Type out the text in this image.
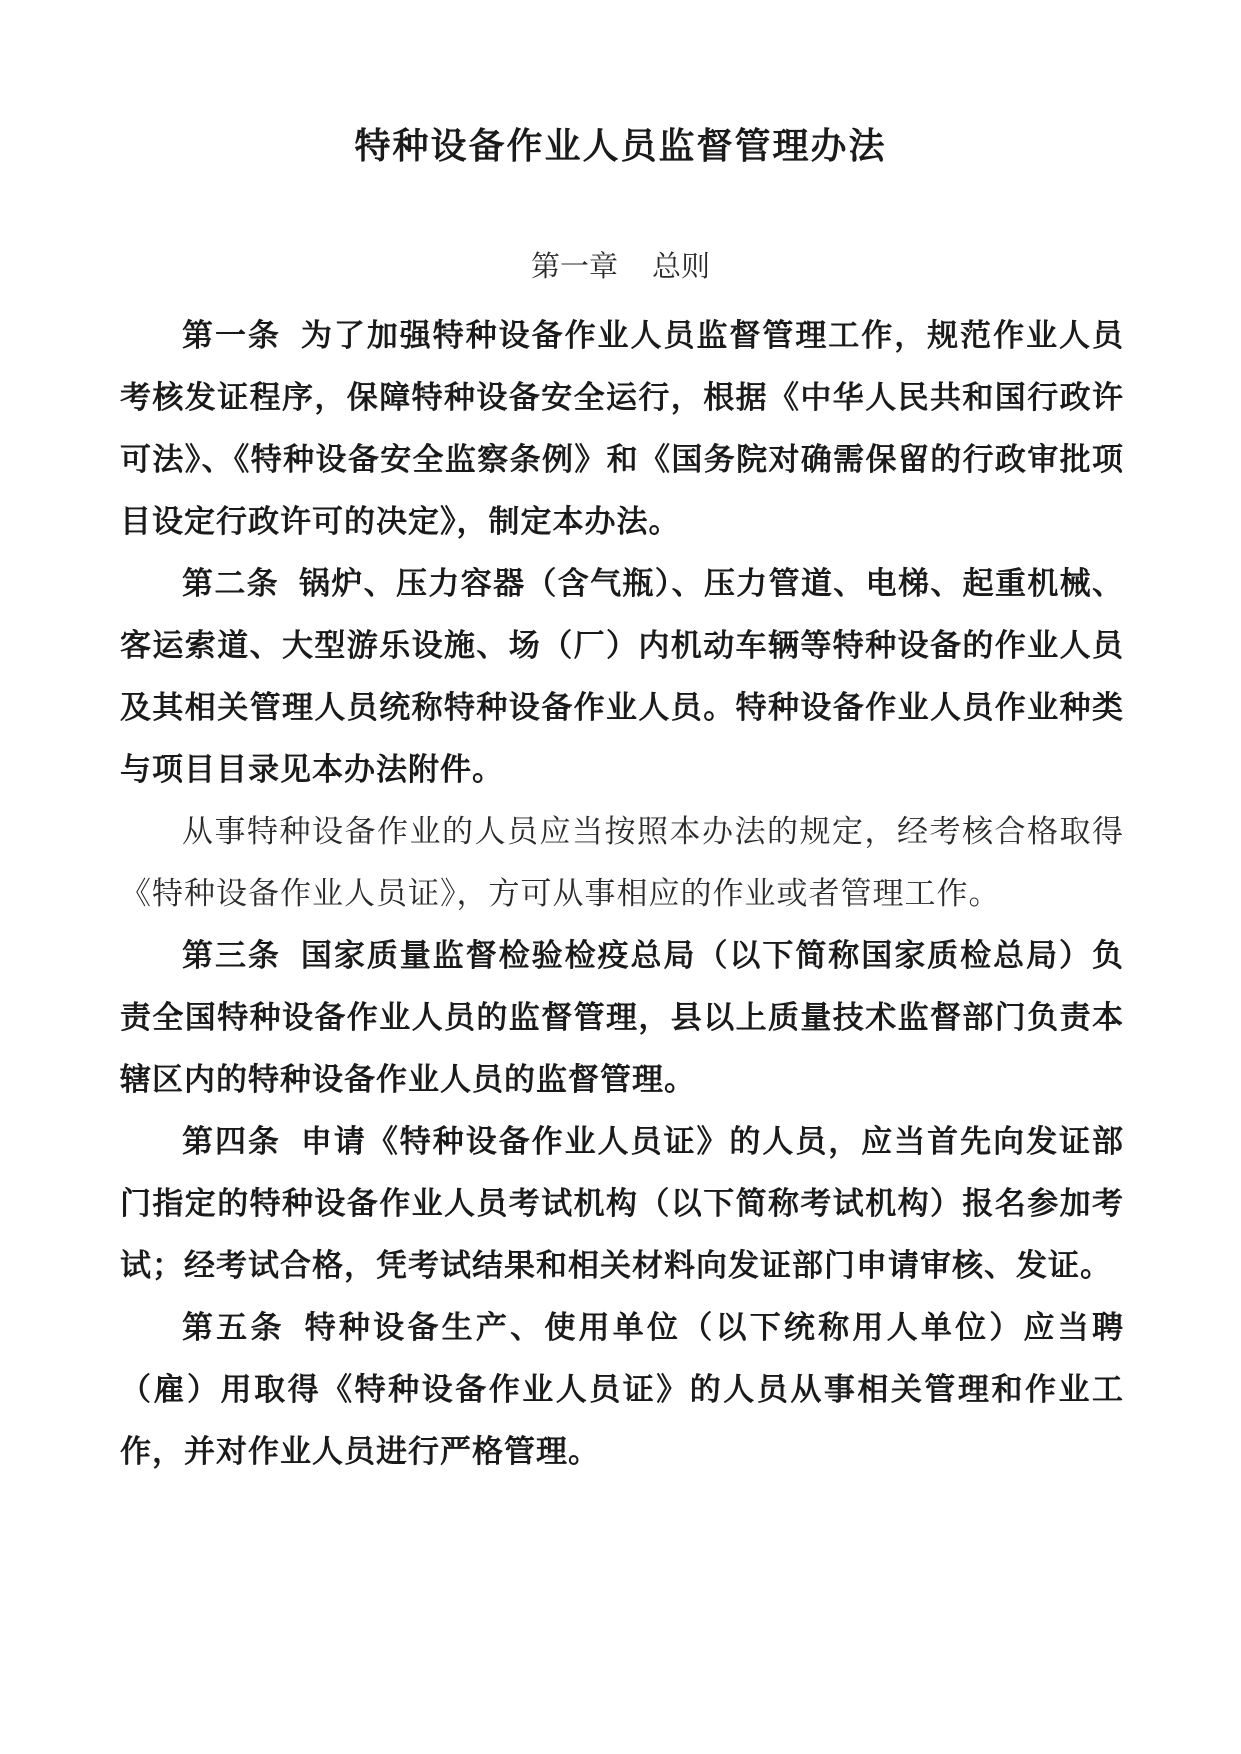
特种设备作业人员监督管理办法
第一章 总则

第一条 为了加强特种设备作业人员监督管理工作，规范作业人员考核发证程序，保障特种设备安全运行，根据《中华人民共和国行政许可法》、《特种设备安全监察条例》和《国务院对确需保留的行政审批项目设定行政许可的决定》，制定本办法。

第二条 锅炉、压力容器（含气瓶）、压力管道、电梯、起重机械、客运索道、大型游乐设施、场（厂）内机动车辆等特种设备的作业人员及其相关管理人员统称特种设备作业人员。特种设备作业人员作业种类与项目目录见本办法附件。

从事特种设备作业的人员应当按照本办法的规定，经考核合格取得《特种设备作业人员证》，方可从事相应的作业或者管理工作。

第三条 国家质量监督检验检疫总局（以下简称国家质检总局）负责全国特种设备作业人员的监督管理，县以上质量技术监督部门负责本辖区内的特种设备作业人员的监督管理。

第四条 申请《特种设备作业人员证》的人员，应当首先向发证部门指定的特种设备作业人员考试机构（以下简称考试机构）报名参加考试；经考试合格，凭考试结果和相关材料向发证部门申请审核、发证。

第五条 特种设备生产、使用单位（以下统称用人单位）应当聘（雇）用取得《特种设备作业人员证》的人员从事相关管理和作业工作，并对作业人员进行严格管理。
